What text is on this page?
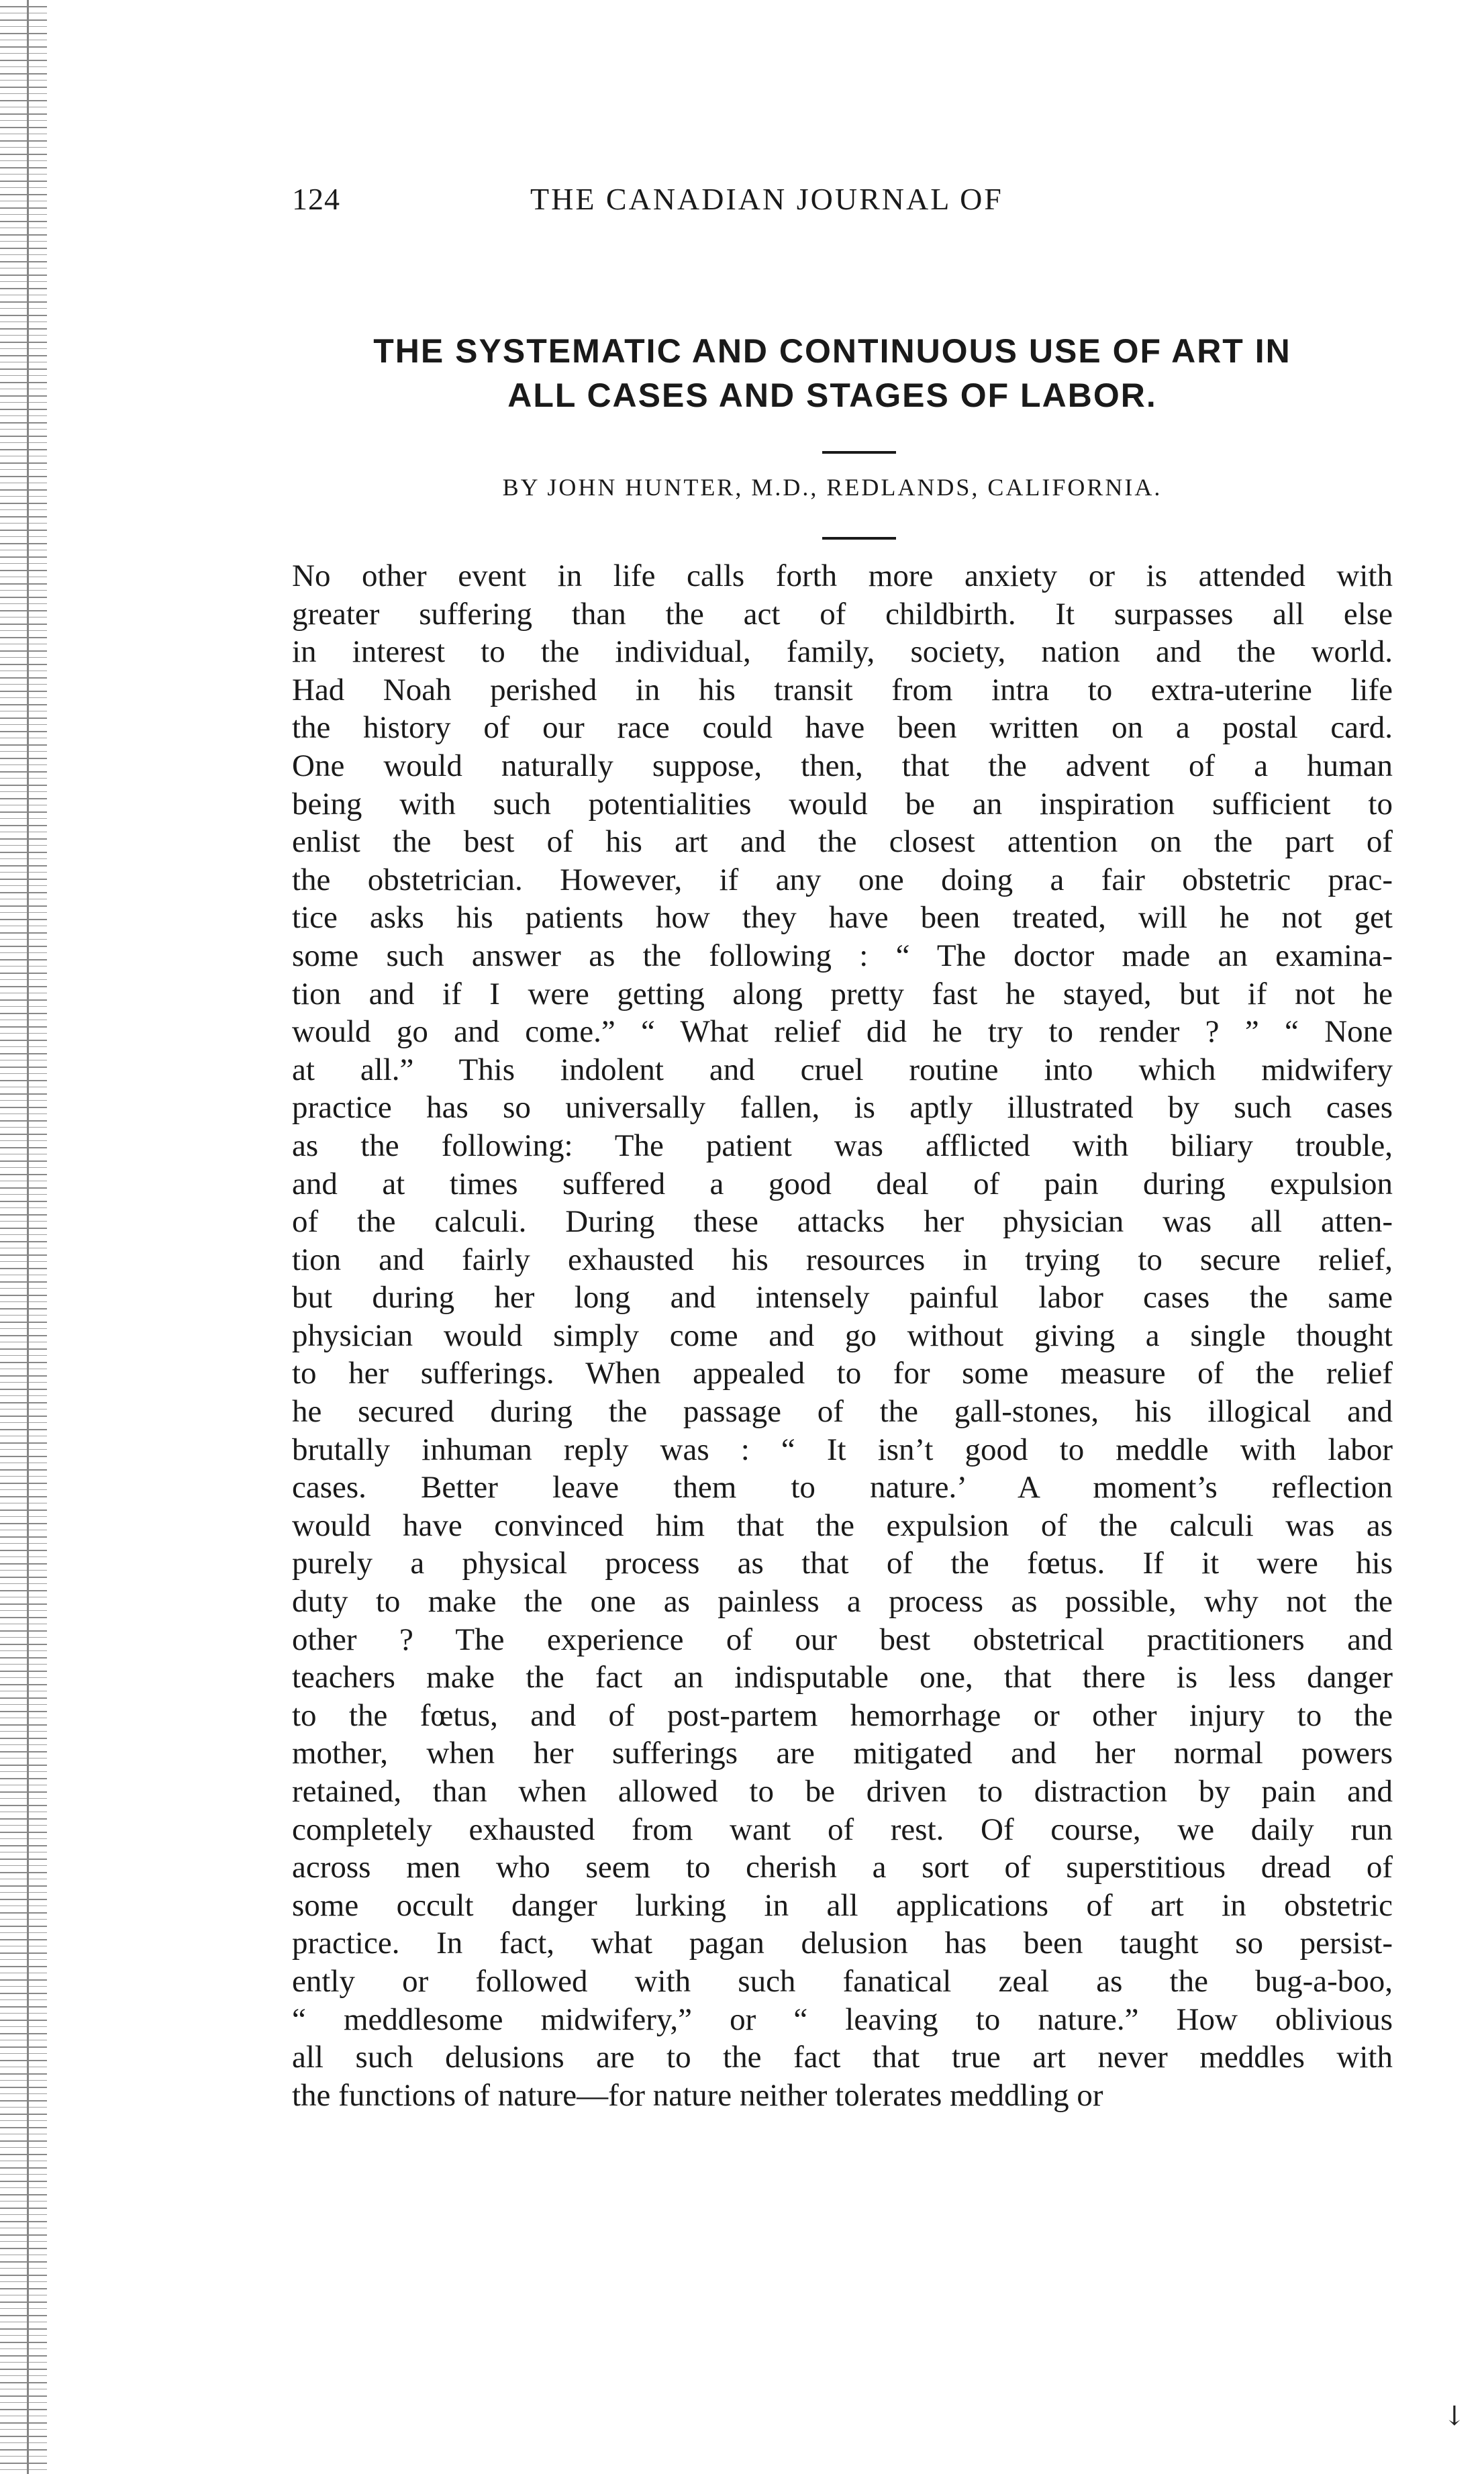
124	THE CANADIAN JOURNAL OF
THE SYSTEMATIC AND CONTINUOUS USE OF ART IN
ALL CASES AND STAGES OF LABOR.
BY JOHN HUNTER, M.D., REDLANDS, CALIFORNIA.
No other event in life calls forth more anxiety or is attended with
greater suffering than the act of childbirth. It surpasses all else
in interest to the individual, family, society, nation and the world.
Had Noah perished in his transit from intra to extra-uterine life
the history of our race could have been written on a postal card.
One would naturally suppose, then, that the advent of a human
being with such potentialities would be an inspiration sufficient to
enlist the best of his art and the closest attention on the part of
the obstetrician. However, if any one doing a fair obstetric prac-
tice asks his patients how they have been treated, will he not get
some such answer as the following : “ The doctor made an examina-
tion and if I were getting along pretty fast he stayed, but if not he
would go and come.” “ What relief did he try to render ? ” “ None
at all.” This indolent and cruel routine into which midwifery
practice has so universally fallen, is aptly illustrated by such cases
as the following: The patient was afflicted with biliary trouble,
and at times suffered a good deal of pain during expulsion
of the calculi. During these attacks her physician was all atten-
tion and fairly exhausted his resources in trying to secure relief,
but during her long and intensely painful labor cases the same
physician would simply come and go without giving a single thought
to her sufferings. When appealed to for some measure of the relief
he secured during the passage of the gall-stones, his illogical and
brutally inhuman reply was : “ It isn’t good to meddle with labor
cases. Better leave them to nature.’ A moment’s reflection
would have convinced him that the expulsion of the calculi was as
purely a physical process as that of the fœtus. If it were his
duty to make the one as painless a process as possible, why not the
other ? The experience of our best obstetrical practitioners and
teachers make the fact an indisputable one, that there is less danger
to the fœtus, and of post-partem hemorrhage or other injury to the
mother, when her sufferings are mitigated and her normal powers
retained, than when allowed to be driven to distraction by pain and
completely exhausted from want of rest. Of course, we daily run
across men who seem to cherish a sort of superstitious dread of
some occult danger lurking in all applications of art in obstetric
practice. In fact, what pagan delusion has been taught so persist-
ently or followed with such fanatical zeal as the bug-a-boo,
“ meddlesome midwifery,” or “ leaving to nature.” How oblivious
all such delusions are to the fact that true art never meddles with
the functions of nature—for nature neither tolerates meddling or
↓
